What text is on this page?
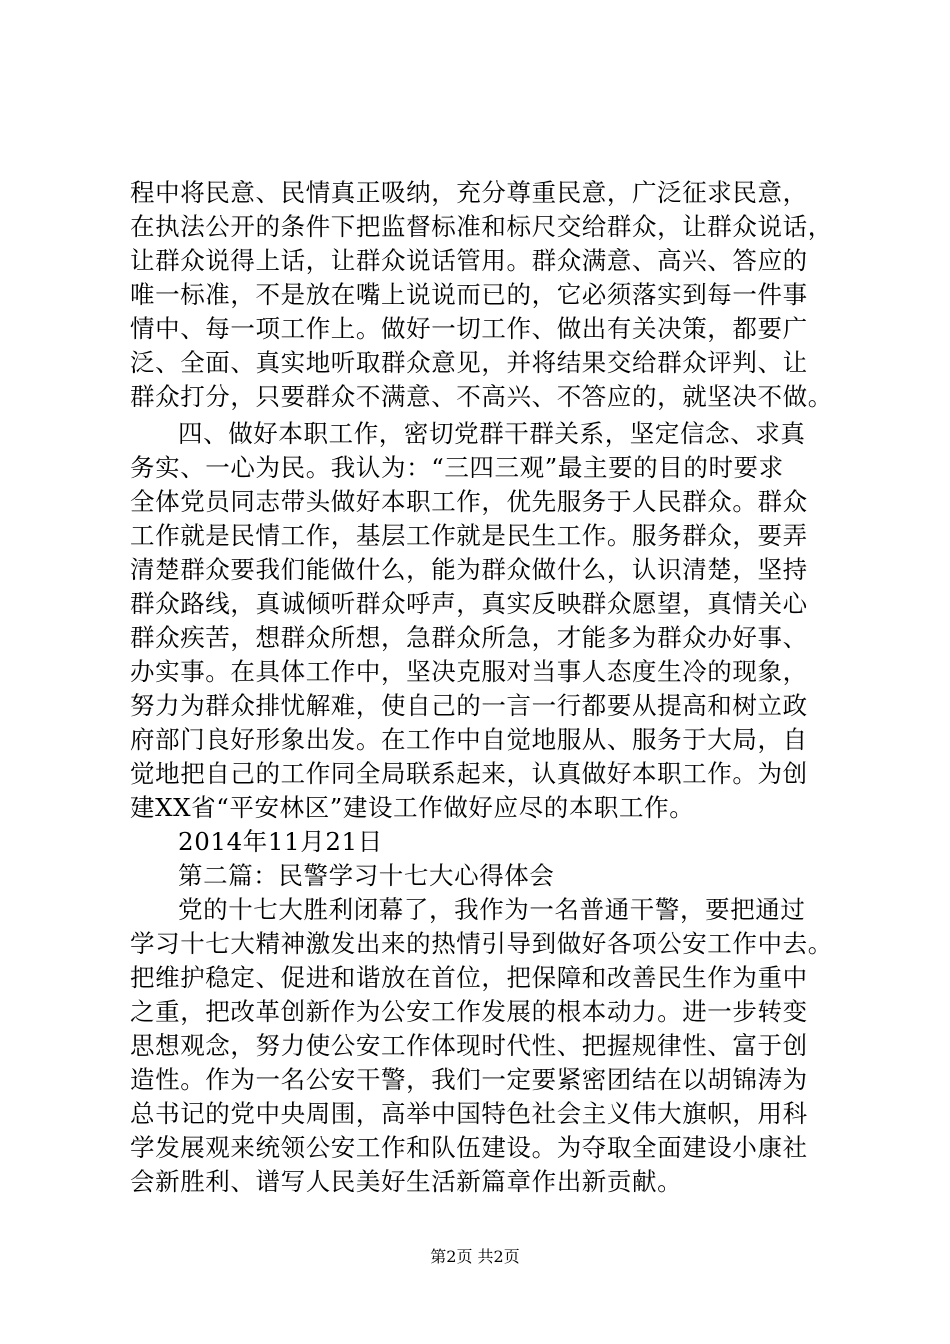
程中将民意、民情真正吸纳，充分尊重民意，广泛征求民意，
在执法公开的条件下把监督标准和标尺交给群众，让群众说话，
让群众说得上话，让群众说话管用。群众满意、高兴、答应的
唯一标准，不是放在嘴上说说而已的，它必须落实到每一件事
情中、每一项工作上。做好一切工作、做出有关决策，都要广
泛、全面、真实地听取群众意见，并将结果交给群众评判、让
群众打分，只要群众不满意、不高兴、不答应的，就坚决不做。
四、做好本职工作，密切党群干群关系，坚定信念、求真
务实、一心为民。我认为：“三四三观”最主要的目的时要求
全体党员同志带头做好本职工作，优先服务于人民群众。群众
工作就是民情工作，基层工作就是民生工作。服务群众，要弄
清楚群众要我们能做什么，能为群众做什么，认识清楚，坚持
群众路线，真诚倾听群众呼声，真实反映群众愿望，真情关心
群众疾苦，想群众所想，急群众所急，才能多为群众办好事、
办实事。在具体工作中，坚决克服对当事人态度生冷的现象，
努力为群众排忧解难，使自己的一言一行都要从提高和树立政
府部门良好形象出发。在工作中自觉地服从、服务于大局，自
觉地把自己的工作同全局联系起来，认真做好本职工作。为创
建XX省“平安林区”建设工作做好应尽的本职工作。
2014年11月21日
第二篇：民警学习十七大心得体会
党的十七大胜利闭幕了，我作为一名普通干警，要把通过
学习十七大精神激发出来的热情引导到做好各项公安工作中去。
把维护稳定、促进和谐放在首位，把保障和改善民生作为重中
之重，把改革创新作为公安工作发展的根本动力。进一步转变
思想观念，努力使公安工作体现时代性、把握规律性、富于创
造性。作为一名公安干警，我们一定要紧密团结在以胡锦涛为
总书记的党中央周围，高举中国特色社会主义伟大旗帜，用科
学发展观来统领公安工作和队伍建设。为夺取全面建设小康社
会新胜利、谱写人民美好生活新篇章作出新贡献。
第2页 共2页
